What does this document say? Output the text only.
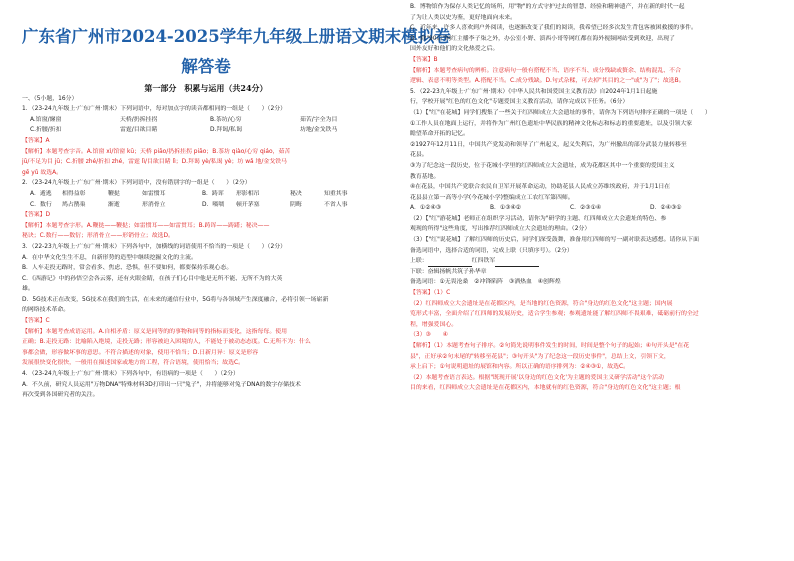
广东省广州市2024-2025学年九年级上册语文期末模拟卷

解答卷

第一部分　积累与运用（共24分）

一、（5小题，16分）

1．（23-24九年级上·广东广州·期末）下列词语中，每对加点字的读音都相同的一组是（　　）（2分）

A.馆窗/窿窗	天桥/扔拆挂拐	B.茶坊/心穷	茹苦/字全为目
C.折腰/折扣	雷霆/目欲目睹	D.拜谒/私谒	坊地/金戈铁马

【答案】A

【解析】本题考查字音。A.馆窗 xì/馆窗 kū；天桥 piāo/扔拆挂拐 piāo；B.茶坊 qiào/心穷 qiáo，茹苦

jū/不足为目 jū；C.折腰 zhé/折扣 zhé，雷霆 lì/目欲目睹 lì；D.拜谒 yè/私谒 yè；坊 wǎ 地/金戈铁马

gē yǔ 故选A。

2．（23-24九年级上·广东广州·期末）下列词语中，没有错别字的一组是（　　）（2分）

A．遁逃	相得益彰	鞭挞	如雷惯耳	B．踌诨	形影相吊	秘决	知重其事
C．数行	鸠占鹊巢	渐逝	形消骨立	D．嗫嚅	顿开茅塞	阴晦	不省人事

【答案】D

【解析】本题考查字形。A.鞭挞——鞭挞；如雷惯耳——如雷贯耳；B.踌诨——踌躇；秘决——

秘诀；C.数行——数衍；形消骨立——形销骨立；故选D。

3．（22-23九年级上·广东广州·期末）下列各句中，加横线的词语使用不恰当的一项是（　　）（2分）

A．在中华文化生生不息，自新形势的造型中继续挖掘文化的主流。

B．人车走投无路时，常会看多、焦虑、恐惧，但不要如何，都要保持乐观心态。

C．《西游记》中的孙悟空会各云雾，还有火眼金睛，在孩子们心目中他是无所不能、无所不为的大英

雄。

D．5G技术正在改变，5G技术在我们的生活，在未来的通信行业中，5G将与各领域产生深度融合，必将引领一场崭新

的网络技术革命。

【答案】C

【解析】本题考查成语运用。A.自相矛盾：原义是同等的的事物和同等的指标而变化，这指每每。使用

正确；B.走投无路：比喻陷入绝境，走投无路；形容被迫入困境的人，不能处于被动态态度。C.无所不为：什么

事都会做，形容做坏事的意思。不符合描述的对象，使用不恰当；D.日新月异：原义是形容

发展很快变化很快，一般用在描述国家或地方的工程，符合语境，使用恰当；故选C。

4．（23-24九年级上·广东广州·期末）下列各句中，有语病的一项是（　　）（2分）

A．不久前，研究人员运用"万物DNA"特殊材料3D打印出一只"兔子"，并将能够对兔子DNA的数字存储技术

再次受到各国研究者的关注。

B．博物馆作为保存人类记忆的场所，用"物"的方式守护过去的智慧、经验和精神遗产，并在新的时代一起

了为让人类以史为鉴，更好地面向未来。

C．近年来，许多人喜欢到户外阅读，也逐渐改变了我们的阅读，我希望已经多次发生背包客被困救援的事件。

D．除"90后"网红主播李子柒之外，办公室小野、滇西小哥等网红都在海外视频网站受到欢迎，出现了

国外友好和他们的文化热爱之后。

【答案】B

【解析】本题考查病句的辨析。注意病句一般有搭配不当、语序不当、成分残缺或赘余、结构混乱、不合

逻辑、表意不明等类型。A.搭配不当。C.成分残缺。D.句式杂糅，可去掉"其目的之一"或"为了"；故选B。

5．（22-23九年级上·广东广州·期末）《中华人民共和国爱国主义教育法》自2024年1月1日起施

行，学校开展"红色的红色文化"专题爱国主义教育活动，请你完成以下任务。（6分）

（1）【"红"在花城】同学们搜集了一些关于红四师成立大会遗址的事件，请你为下列语句排序正确的一项是（　　）

①工作人员在地面上运行，并将作为广州红色遗址中华民族的精神文化标志和标志的重要遗址，以及引领大家

瞻望革命开拓的记忆。

②1927年12月11日，中国共产党发动和领导了广州起义，起义失利后，为广州撤出的部分武装力量转移至

花县。

③为了纪念这一段历史，位于花城小学里的红四师成立大会遗址，成为花都区其中一个重要的爱国主义

教育基地。

④在花县，中国共产党联合农民自卫军开展革命运动，协助花县人民成立苏维埃政府，并于1月1日在

花县县立第一高等小学(今花城小学)整编成立工农红军第四师。

A．①②④③	B．①③④②	C．②③①④	D．②④③①

（2）【"红"游花城】老师正在组织学习活动，请你为"研学的主题、红四师成立大会遗址的特色、参

观现的所得"这些角度，写出推荐红四师成立大会遗址的理由。（2分）

（3）【"红"说花城】了解红四师的历史后，同学们深受鼓舞，准备用红四师的写一副对联表达感想。请你从下面

备选词语中，选择合适的词语，完成上联（只填序号）。（2分）

上联：	红四铁军

下联：奋辑扬帆共筑子孙华章

备选词语：①无畏沧桑　②冲锋陷阵　③洒热血　④创辉煌

【答案】（1）C

（2）红四师成立大会遗址是在花都区内，是当地的红色资源，符合"身边的红色文化"这主题；国内展

览形式丰富，全面介绍了红四师的发展历史，适合学生参观；参观遗址能了解红四师不畏艰难，砥砺前行的全过

程，增强爱国心。

（3）③　　④

【解析】（1）本题考查句子排序。②句简先说明事件发生的时间，时间是整个句子的起始；④句开头是"在花

县"，正好承②句末尾的"转移至花县"；③句开头"为了纪念这一段历史事件"，总结上文，引领下文，

承上启下；①句说明遗址的展馆和内容。所以正确的语序排列为：②④③①，故选C。

（2）本题考查语言表达。根据"既现开展'以身边的红色文化'为主题的爱国主义研学活动"这个活动

目的来看，红四师成立大会遗址是在花都区内，本地就有的红色资源，符合"身边的红色文化"这主题；根
